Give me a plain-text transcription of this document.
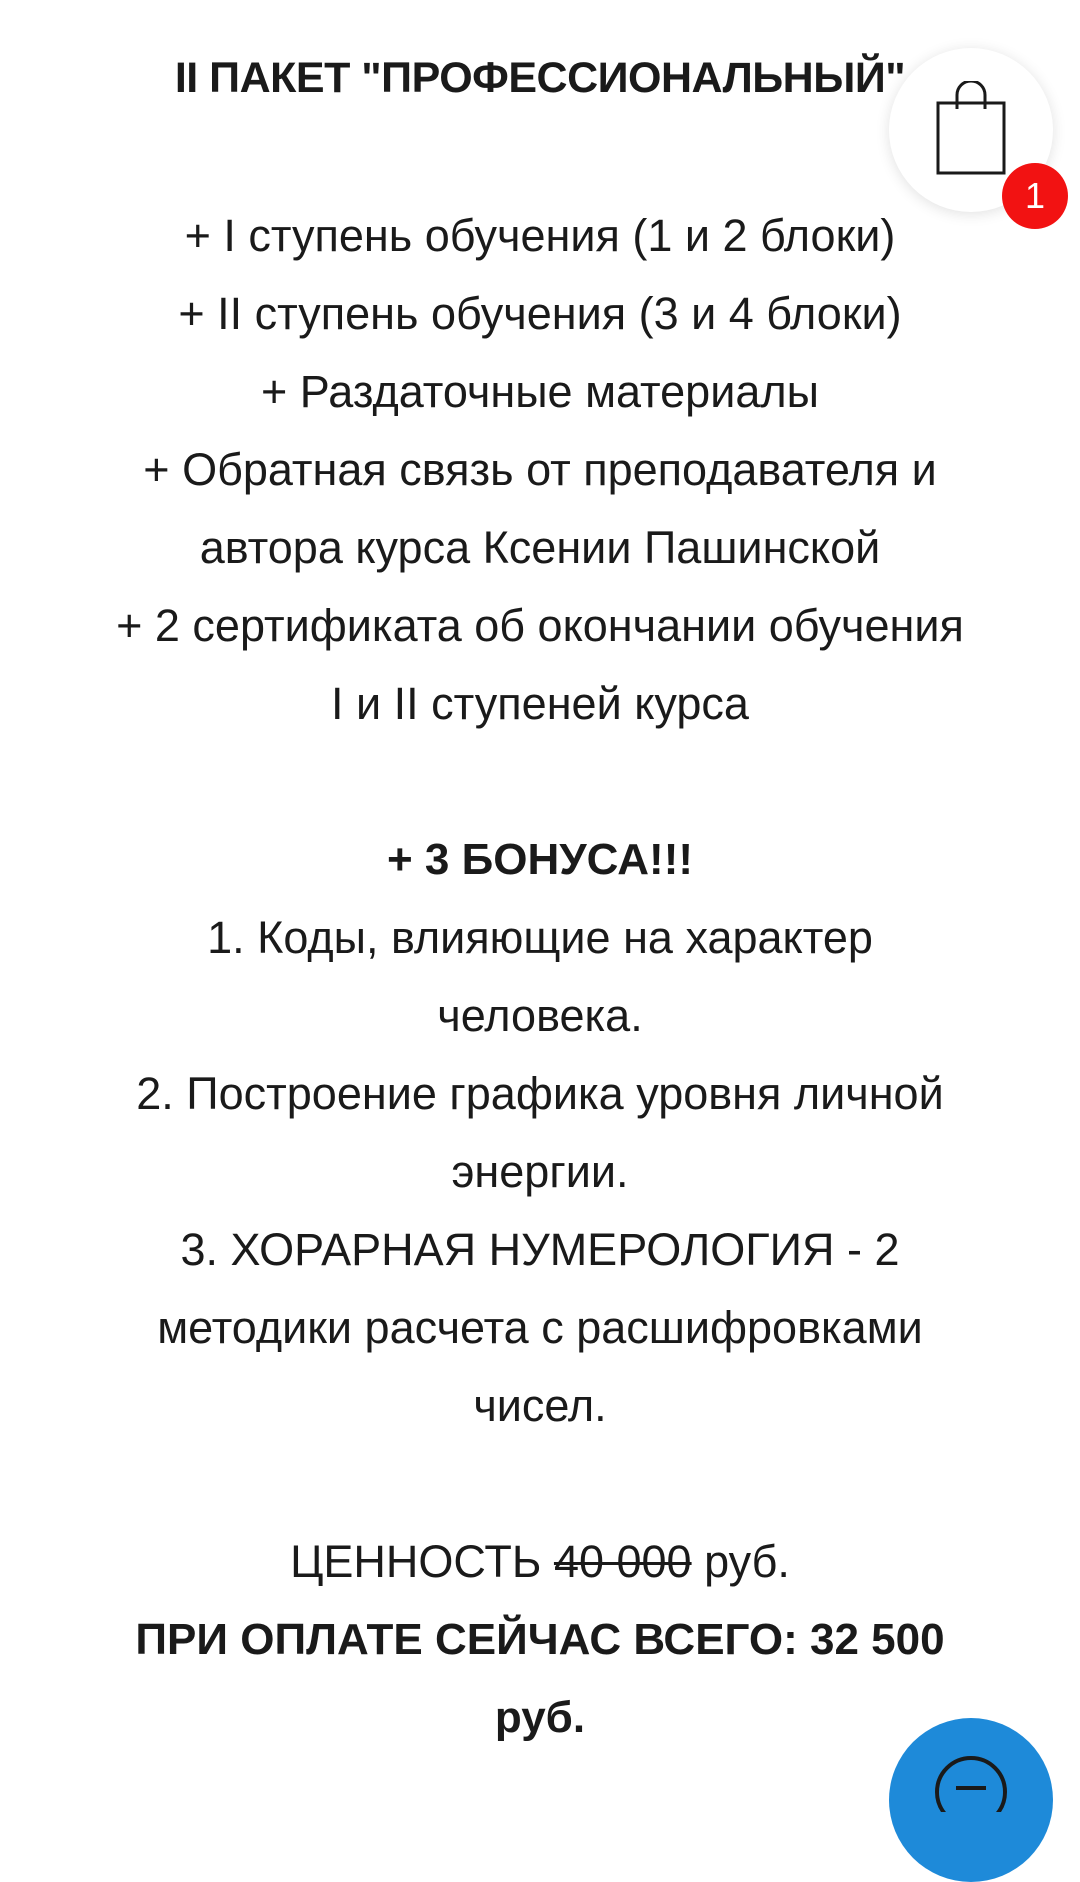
II ПАКЕТ "ПРОФЕССИОНАЛЬНЫЙ"
+ I ступень обучения (1 и 2 блоки)
+ II ступень обучения (3 и 4 блоки)
+ Раздаточные материалы
+ Обратная связь от преподавателя и
автора курса Ксении Пашинской
+ 2 сертификата об окончании обучения
I и II ступеней курса
+ 3 БОНУСА!!!
1. Коды, влияющие на характер
человека.
2. Построение графика уровня личной
энергии.
3. ХОРАРНАЯ НУМЕРОЛОГИЯ - 2
методики расчета с расшифровками
чисел.
ЦЕННОСТЬ 40 000 руб.
ПРИ ОПЛАТЕ СЕЙЧАС ВСЕГО: 32 500
руб.
1
